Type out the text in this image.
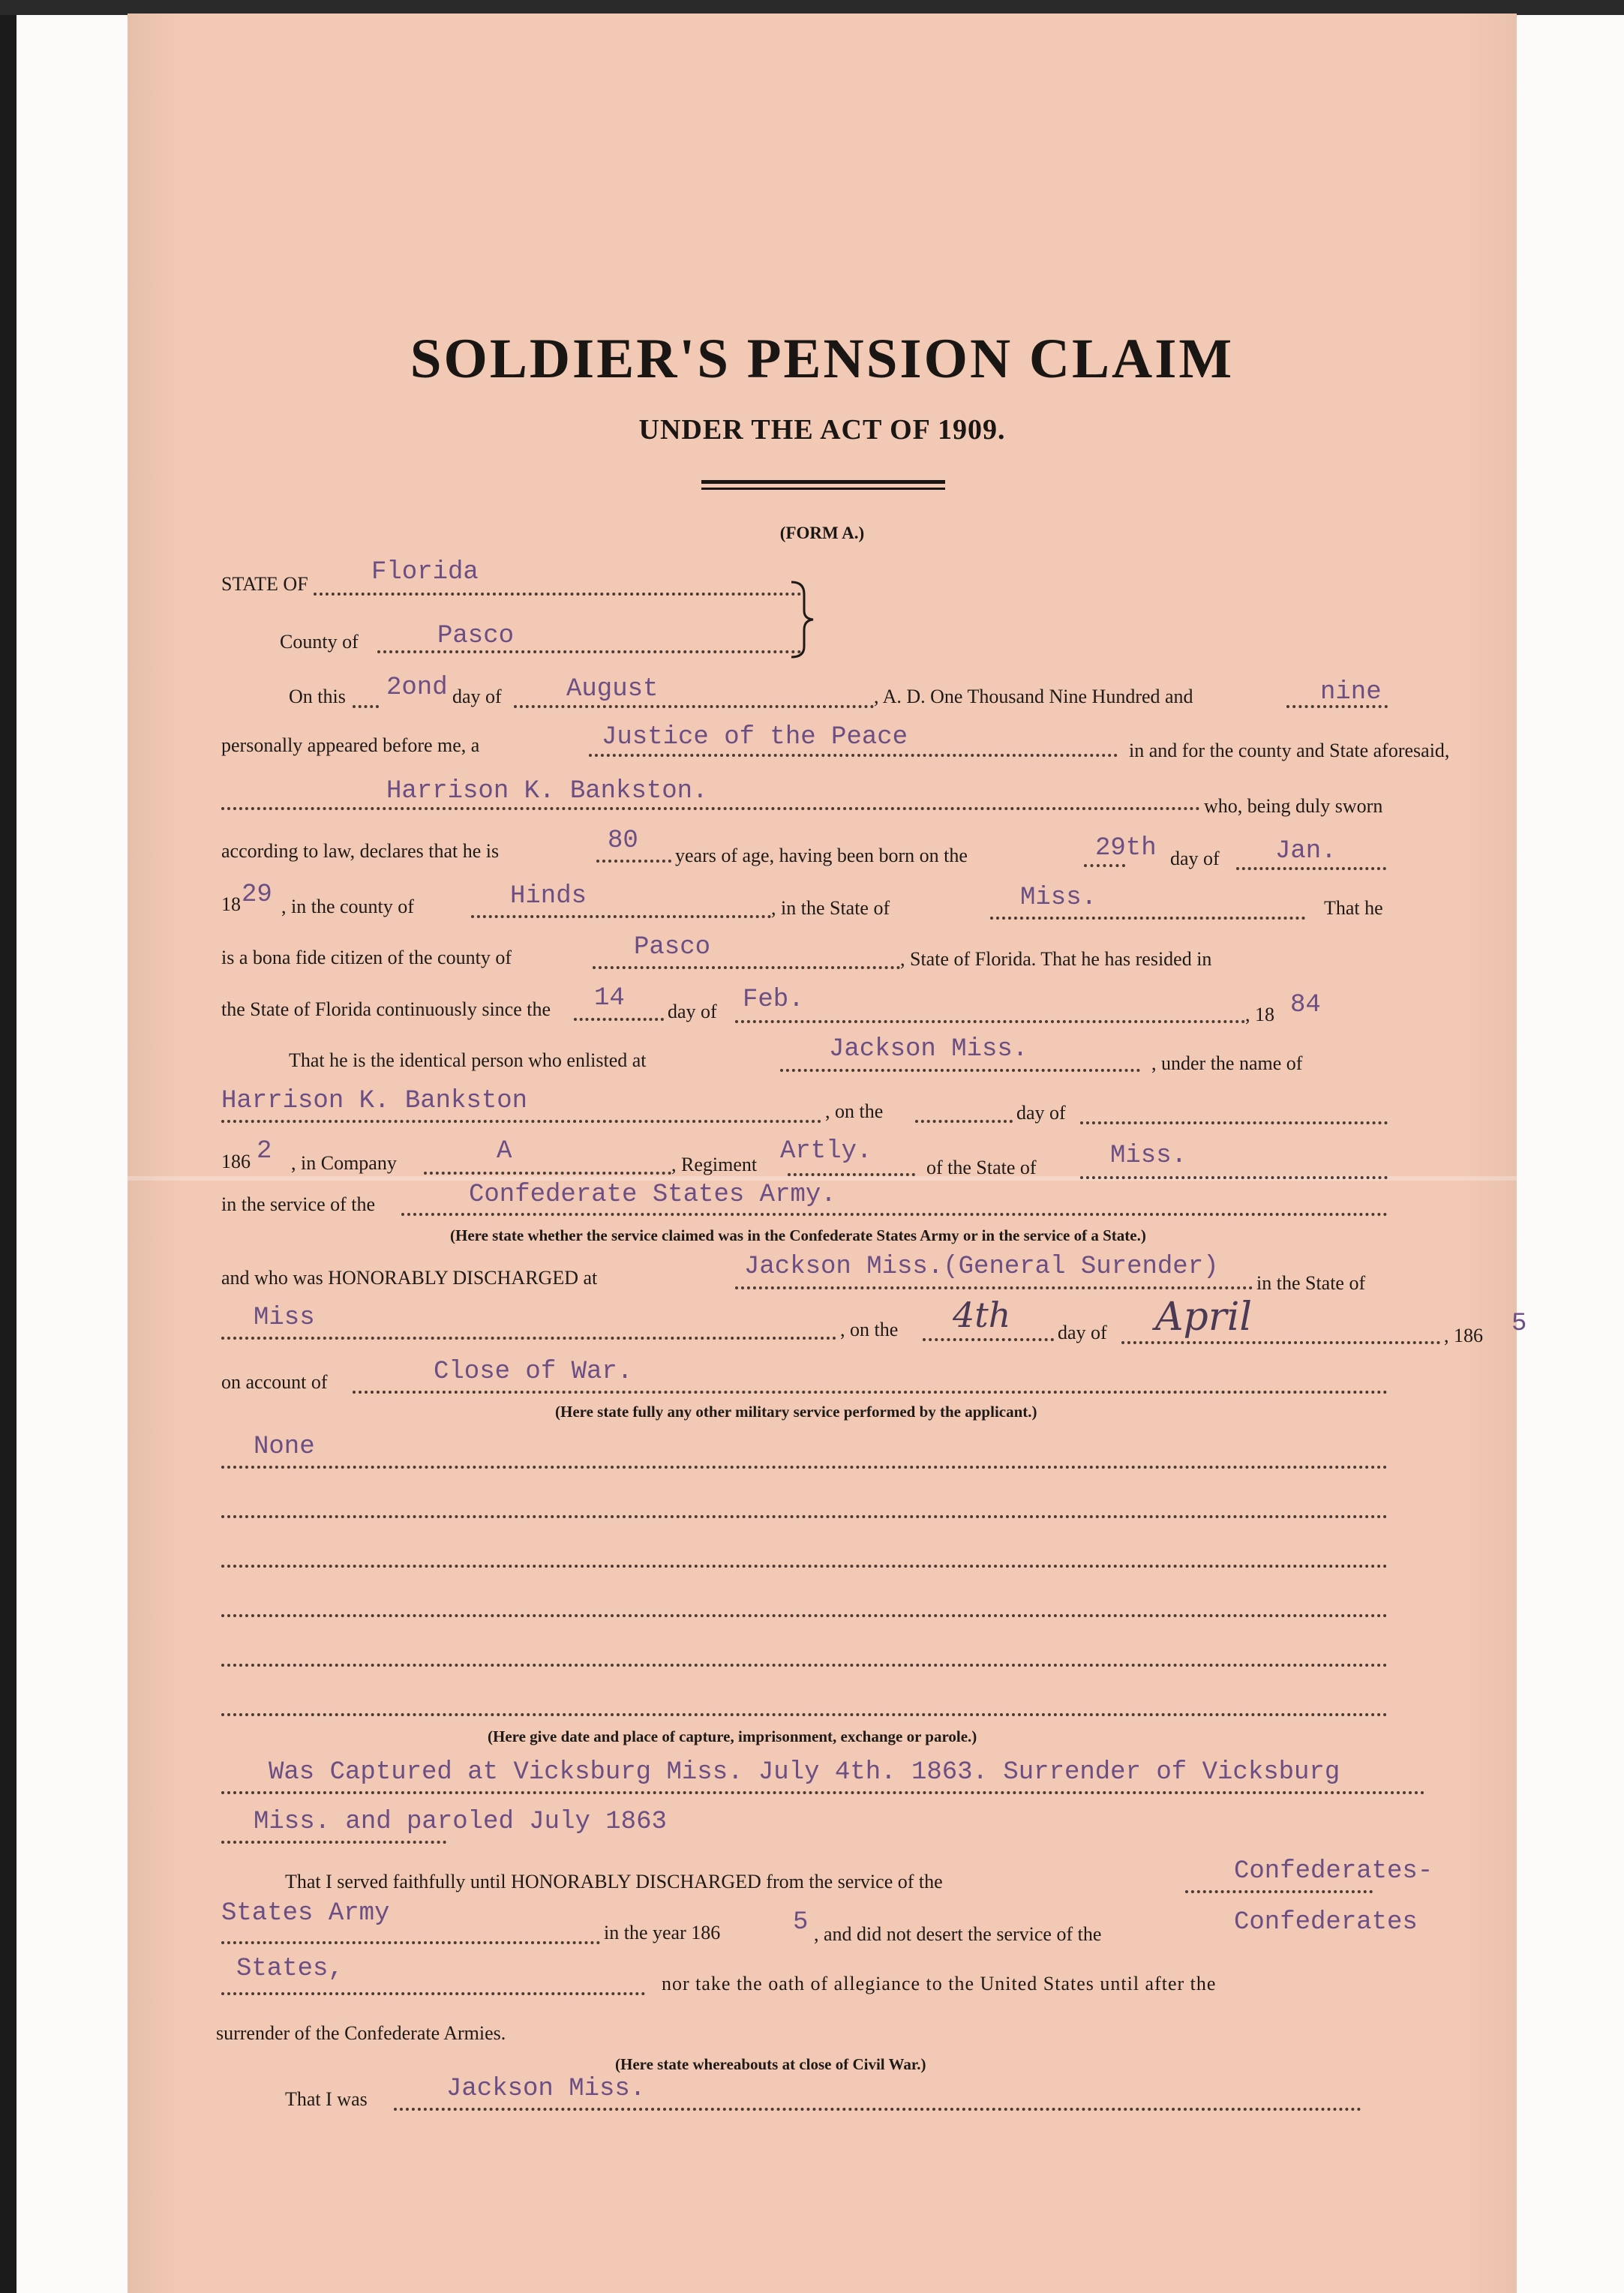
SOLDIER'S PENSION CLAIM
UNDER THE ACT OF 1909.
(FORM A.)
STATE OF Florida
County of	Pasco
On this 2ond day of	August	, A. D. One Thousand Nine Hundred and	nine
personally appeared before me, a	Justice of the Peace	in and for the county and State aforesaid,
Harrison K. Bankston.
who, being duly sworn
according to law, declares that he is	80
years of age, having been born on the	29th day of Jan.
18 29 , in the county of	Hinds	, in the State of	Miss.	That he
is a bona fide citizen of the county of	Pasco	, State of Florida. That he has resided in
the State of Florida continuously since the 14 day of Feb.
, 18 84
That he is the identical person who enlisted at	Jackson Miss.	, under the name of
Harrison K. Bankston	, on the	day of
186 2 , in Company	A	, Regiment Artly.
of the State of	Miss.
in the service of the	Confederate States Army.
(Here state whether the service claimed was in the Confederate States Army or in the service of a State.)
and who was HONORABLY DISCHARGED at	Jackson Miss.(General Surender)
in the State of
Miss	, on the 4th day of April	, 186 5
on account of	Close of War.
(Here state fully any other military service performed by the applicant.)
None
(Here give date and place of capture, imprisonment, exchange or parole.)
Was Captured at Vicksburg Miss. July 4th. 1863. Surrender of Vicksburg
Miss. and paroled July 1863
That I served faithfully until HONORABLY DISCHARGED from the service of the	Confederates-
States Army
in the year 186	5 , and did not desert the service of the	Confederates
States,
nor take the oath of allegiance to the United States until after the
surrender of the Confederate Armies.
(Here state whereabouts at close of Civil War.)
That I was	Jackson Miss.
